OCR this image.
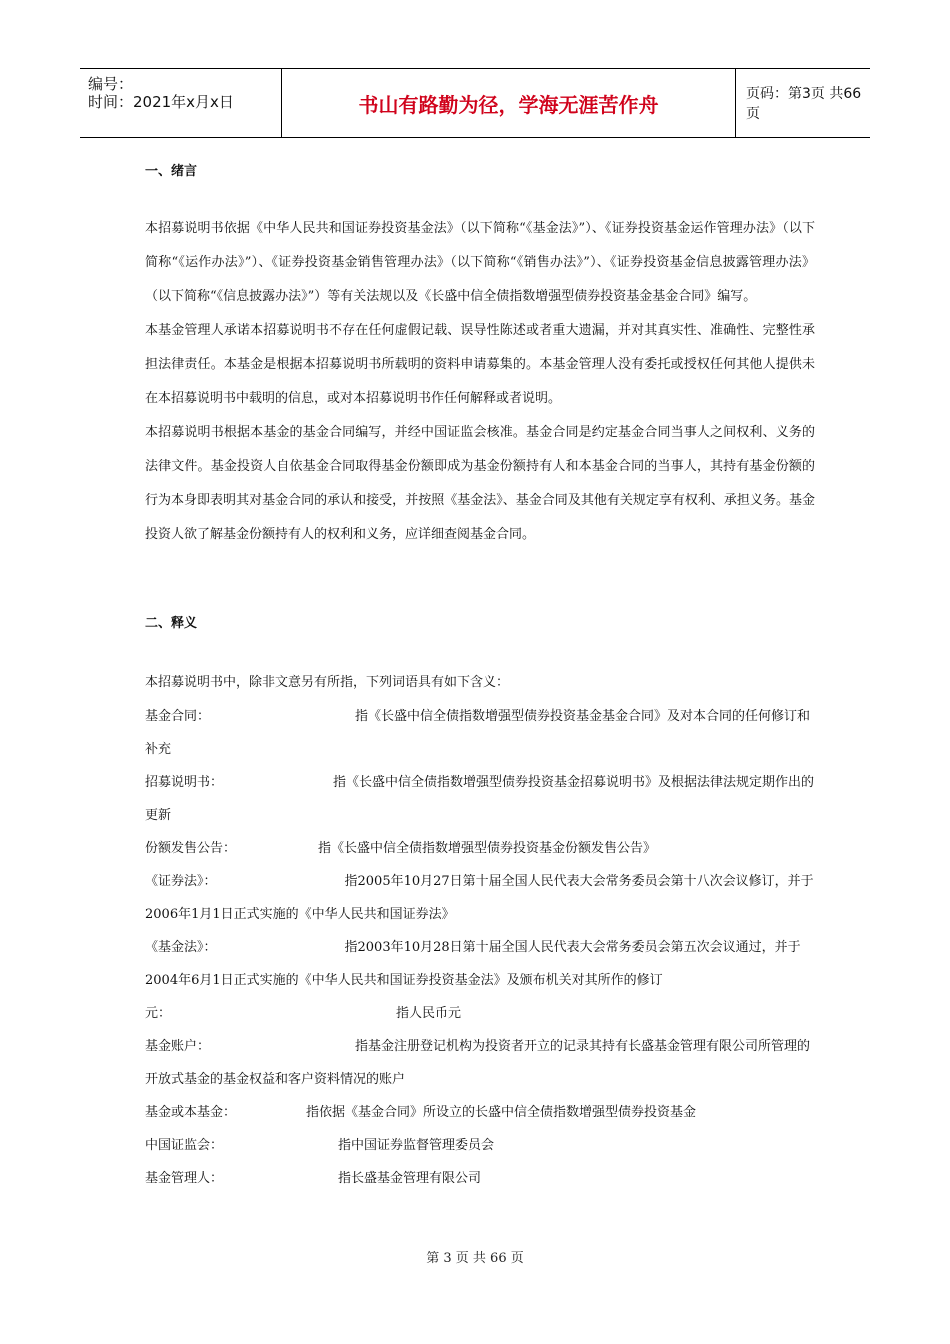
编号：
时间：2021年x月x日	书山有路勤为径，学海无涯苦作舟	页码：第3页 共66页
一、绪言
本招募说明书依据《中华人民共和国证券投资基金法》（以下简称“《基金法》”）、《证券投资基金运作管理办法》（以下简称“《运作办法》”）、《证券投资基金销售管理办法》（以下简称“《销售办法》”）、《证券投资基金信息披露管理办法》（以下简称“《信息披露办法》”）等有关法规以及《长盛中信全债指数增强型债券投资基金基金合同》编写。
本基金管理人承诺本招募说明书不存在任何虚假记载、误导性陈述或者重大遗漏，并对其真实性、准确性、完整性承担法律责任。本基金是根据本招募说明书所载明的资料申请募集的。本基金管理人没有委托或授权任何其他人提供未在本招募说明书中载明的信息，或对本招募说明书作任何解释或者说明。
本招募说明书根据本基金的基金合同编写，并经中国证监会核准。基金合同是约定基金合同当事人之间权利、义务的法律文件。基金投资人自依基金合同取得基金份额即成为基金份额持有人和本基金合同的当事人，其持有基金份额的行为本身即表明其对基金合同的承认和接受，并按照《基金法》、基金合同及其他有关规定享有权利、承担义务。基金投资人欲了解基金份额持有人的权利和义务，应详细查阅基金合同。
二、释义
本招募说明书中，除非文意另有所指，下列词语具有如下含义：
基金合同：	指《长盛中信全债指数增强型债券投资基金基金合同》及对本合同的任何修订和补充
招募说明书：	指《长盛中信全债指数增强型债券投资基金招募说明书》及根据法律法规定期作出的更新
份额发售公告：	指《长盛中信全债指数增强型债券投资基金份额发售公告》
《证券法》：	指2005年10月27日第十届全国人民代表大会常务委员会第十八次会议修订，并于2006年1月1日正式实施的《中华人民共和国证券法》
《基金法》：	指2003年10月28日第十届全国人民代表大会常务委员会第五次会议通过，并于2004年6月1日正式实施的《中华人民共和国证券投资基金法》及颁布机关对其所作的修订
元：	指人民币元
基金账户：	指基金注册登记机构为投资者开立的记录其持有长盛基金管理有限公司所管理的开放式基金的基金权益和客户资料情况的账户
基金或本基金：	指依据《基金合同》所设立的长盛中信全债指数增强型债券投资基金
中国证监会：	指中国证券监督管理委员会
基金管理人：	指长盛基金管理有限公司
第 3 页 共 66 页
